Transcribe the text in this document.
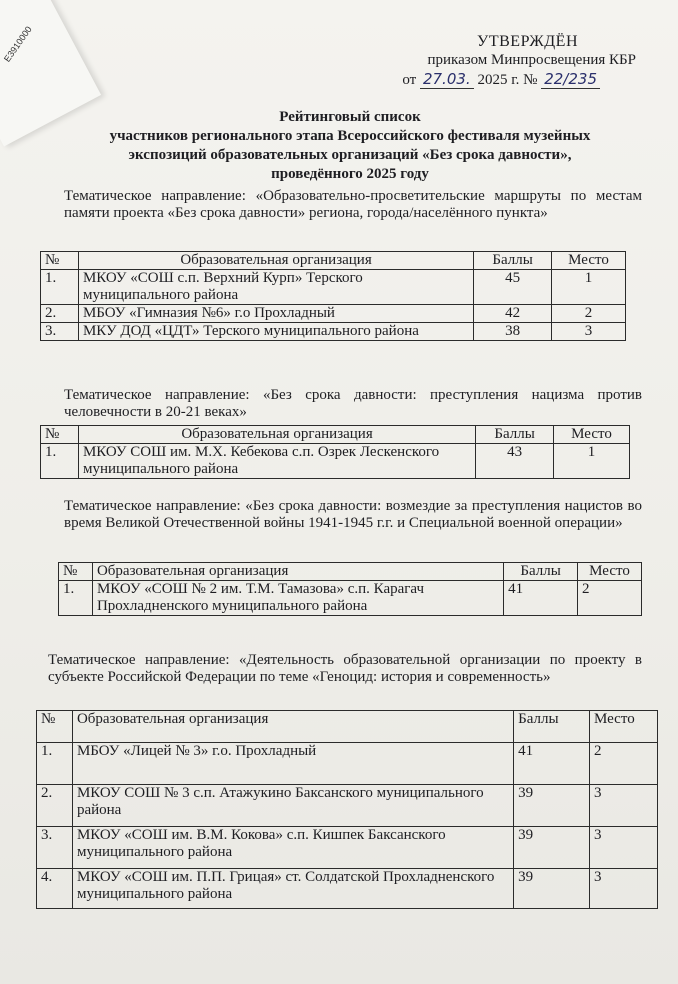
Е3910000	УТВЕРЖДЁН
приказом Минпросвещения КБР
от 27.03. 2025 г. № 22/235
Рейтинговый список
участников регионального этапа Всероссийского фестиваля музейных
экспозиций образовательных организаций «Без срока давности»,
проведённого 2025 году
Тематическое направление: «Образовательно-просветительские маршруты по местам памяти проекта «Без срока давности» региона, города/населённого пункта»
№	Образовательная организация	Баллы	Место
1.	МКОУ «СОШ с.п. Верхний Курп» Терского муниципального района	45	1
2.	МБОУ «Гимназия №6» г.о Прохладный	42	2
3.	МКУ ДОД «ЦДТ» Терского муниципального района	38	3
Тематическое направление: «Без срока давности: преступления нацизма против человечности в 20-21 веках»
№	Образовательная организация	Баллы	Место
1.	МКОУ СОШ им. М.Х. Кебекова с.п. Озрек Лескенского муниципального района	43	1
Тематическое направление: «Без срока давности: возмездие за преступления нацистов во время Великой Отечественной войны 1941-1945 г.г. и Специальной военной операции»
№	Образовательная организация	Баллы	Место
1.	МКОУ «СОШ № 2 им. Т.М. Тамазова» с.п. Карагач Прохладненского муниципального района	41	2
Тематическое направление: «Деятельность образовательной организации по проекту в субъекте Российской Федерации по теме «Геноцид: история и современность»
№	Образовательная организация	Баллы	Место
1.	МБОУ «Лицей № 3» г.о. Прохладный	41	2
2.	МКОУ СОШ № 3 с.п. Атажукино Баксанского муниципального района	39	3
3.	МКОУ «СОШ им. В.М. Кокова» с.п. Кишпек Баксанского муниципального района	39	3
4.	МКОУ «СОШ им. П.П. Грицая» ст. Солдатской Прохладненского муниципального района	39	3
